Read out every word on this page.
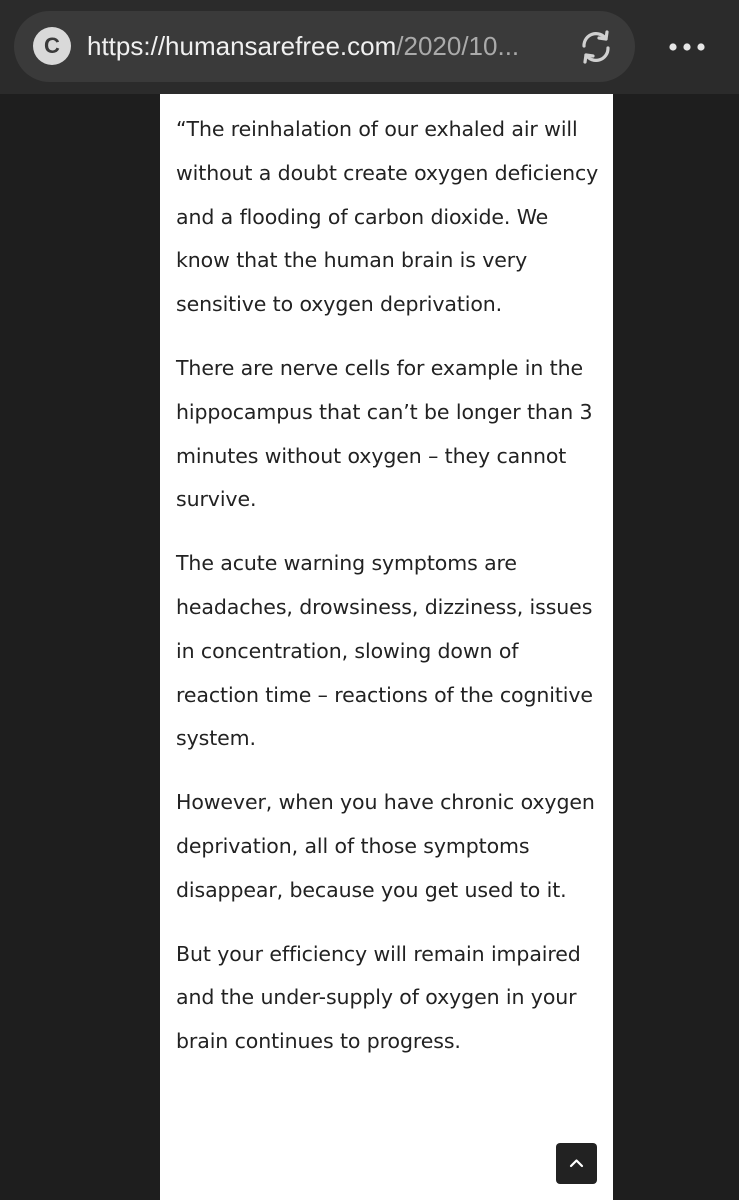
C	https://humansarefree.com/2020/10...

“The reinhalation of our exhaled air will without a doubt create oxygen deficiency and a flooding of carbon dioxide. We know that the human brain is very sensitive to oxygen deprivation.

There are nerve cells for example in the hippocampus that can’t be longer than 3 minutes without oxygen – they cannot survive.

The acute warning symptoms are headaches, drowsiness, dizziness, issues in concentration, slowing down of reaction time – reactions of the cognitive system.

However, when you have chronic oxygen deprivation, all of those symptoms disappear, because you get used to it.

But your efficiency will remain impaired and the under-supply of oxygen in your brain continues to progress.
